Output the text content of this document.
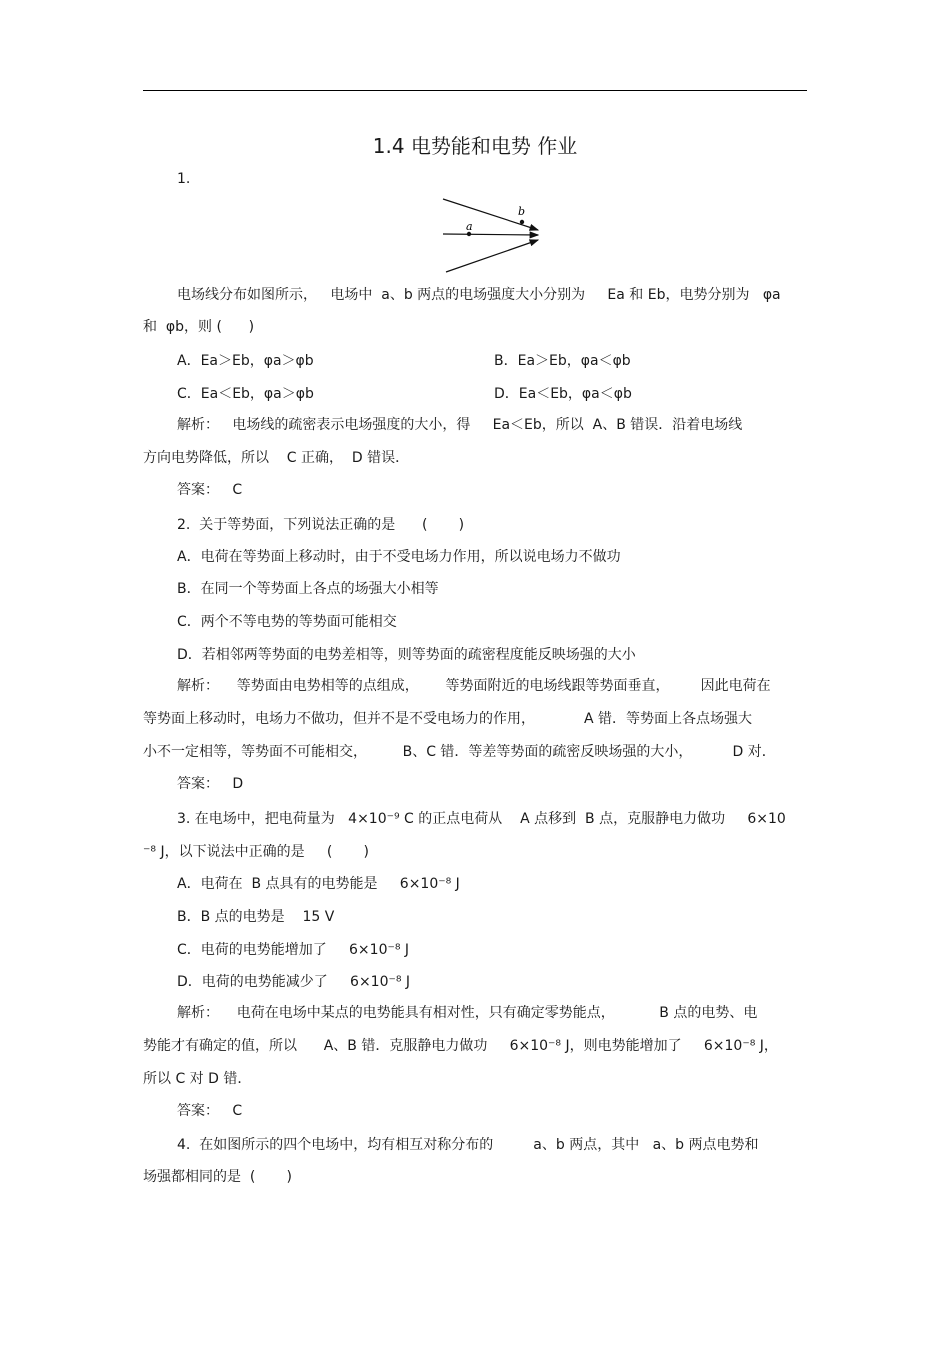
1.4 电势能和电势 作业
1.
a
b
电场线分布如图所示，   电场中  a、b 两点的电场强度大小分别为     Ea 和 Eb，电势分别为   φa
和  φb，则 (      )
A．Ea＞Eb，φa＞φb	B．Ea＞Eb，φa＜φb
C．Ea＜Eb，φa＞φb	D．Ea＜Eb，φa＜φb
解析：   电场线的疏密表示电场强度的大小，得     Ea＜Eb，所以  A、B 错误．沿着电场线
方向电势降低，所以    C 正确，  D 错误．
答案：   C
2.  关于等势面，下列说法正确的是      (       )
A．电荷在等势面上移动时，由于不受电场力作用，所以说电场力不做功
B．在同一个等势面上各点的场强大小相等
C．两个不等电势的等势面可能相交
D．若相邻两等势面的电势差相等，则等势面的疏密程度能反映场强的大小
解析：    等势面由电势相等的点组成，      等势面附近的电场线跟等势面垂直，       因此电荷在
等势面上移动时，电场力不做功，但并不是不受电场力的作用，           A 错．等势面上各点场强大
小不一定相等，等势面不可能相交，        B、C 错．等差等势面的疏密反映场强的大小，         D 对．
答案：   D
3. 在电场中，把电荷量为   4×10⁻⁹ C 的正点电荷从    A 点移到  B 点，克服静电力做功     6×10
⁻⁸ J，以下说法中正确的是     (       )
A．电荷在  B 点具有的电势能是     6×10⁻⁸ J
B．B 点的电势是    15 V
C．电荷的电势能增加了     6×10⁻⁸ J
D．电荷的电势能减少了     6×10⁻⁸ J
解析：    电荷在电场中某点的电势能具有相对性，只有确定零势能点，          B 点的电势、电
势能才有确定的值，所以      A、B 错．克服静电力做功     6×10⁻⁸ J，则电势能增加了     6×10⁻⁸ J，
所以 C 对 D 错．
答案：   C
4.  在如图所示的四个电场中，均有相互对称分布的         a、b 两点，其中   a、b 两点电势和
场强都相同的是  (       )
